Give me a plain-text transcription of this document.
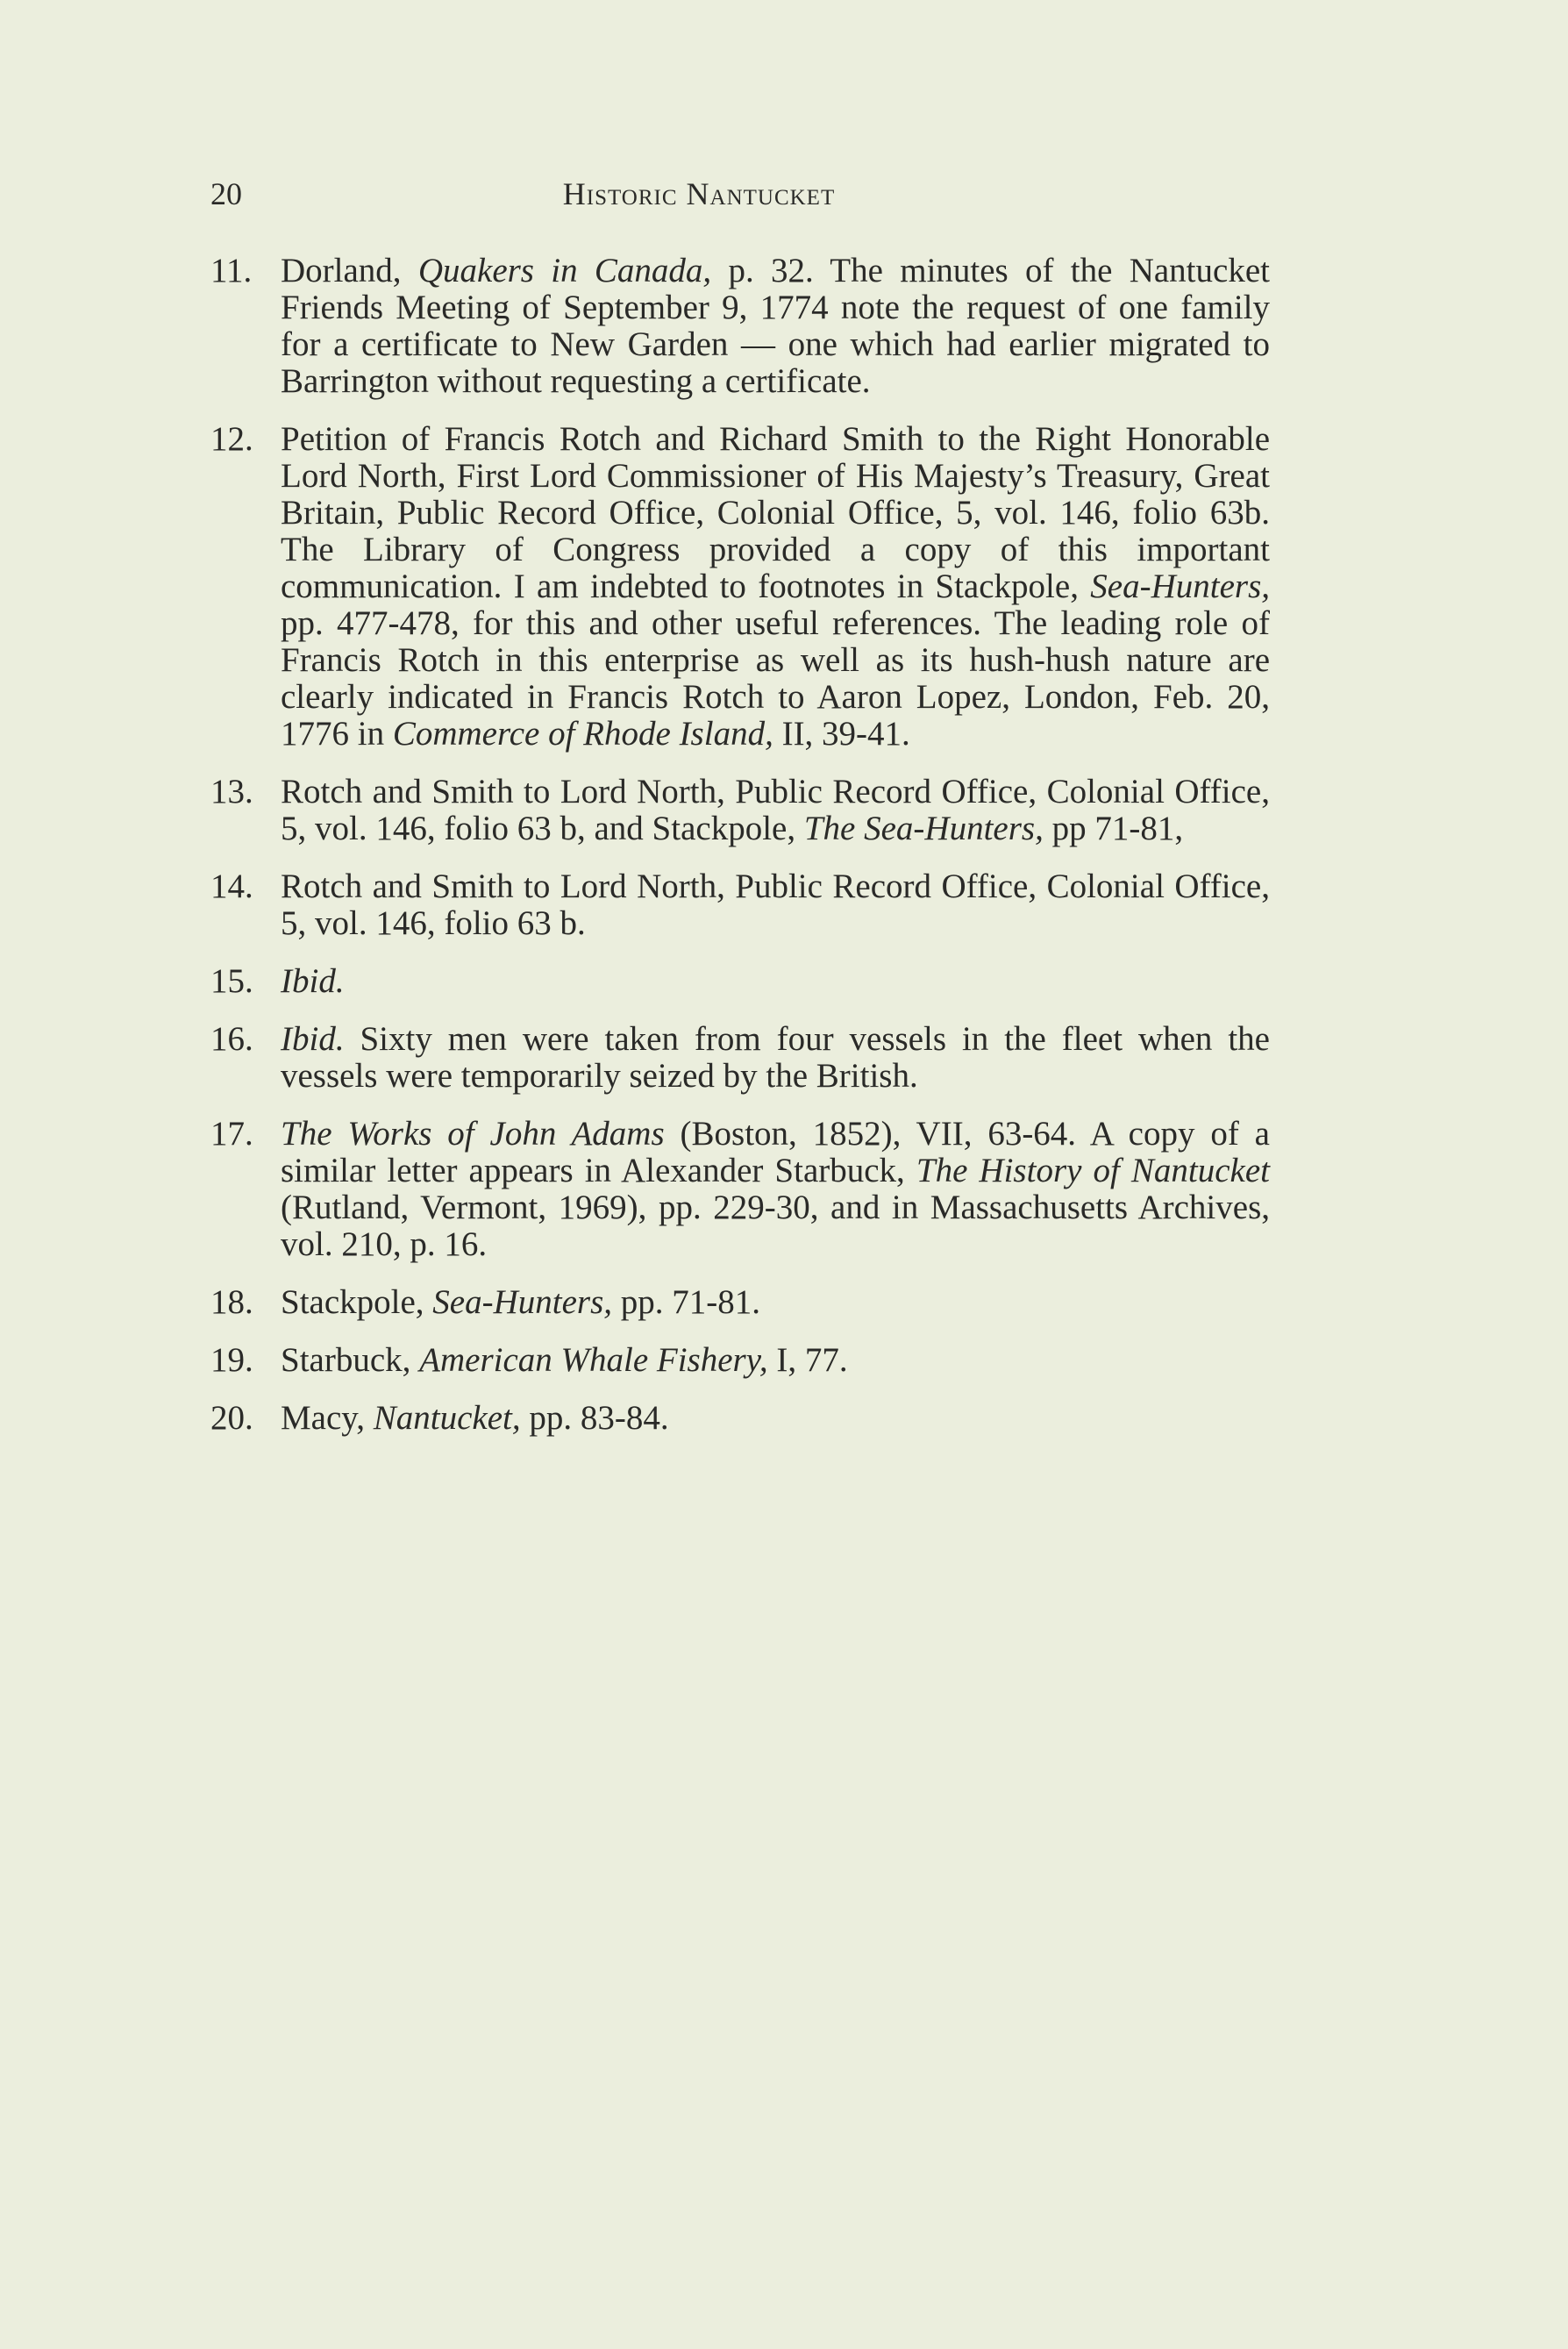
20	Historic Nantucket
11. Dorland, Quakers in Canada, p. 32. The minutes of the Nantucket Friends Meeting of September 9, 1774 note the request of one family for a certificate to New Garden — one which had earlier migrated to Barrington without requesting a certificate.
12. Petition of Francis Rotch and Richard Smith to the Right Honorable Lord North, First Lord Commissioner of His Majesty’s Treasury, Great Britain, Public Record Office, Colonial Office, 5, vol. 146, folio 63b. The Library of Congress provided a copy of this important communication. I am indebted to footnotes in Stackpole, Sea-Hunters, pp. 477-478, for this and other useful references. The leading role of Francis Rotch in this enterprise as well as its hush-hush nature are clearly indicated in Francis Rotch to Aaron Lopez, London, Feb. 20, 1776 in Commerce of Rhode Island, II, 39-41.
13. Rotch and Smith to Lord North, Public Record Office, Colonial Office, 5, vol. 146, folio 63 b, and Stackpole, The Sea-Hunters, pp 71-81,
14. Rotch and Smith to Lord North, Public Record Office, Colonial Office, 5, vol. 146, folio 63 b.
15. Ibid.
16. Ibid. Sixty men were taken from four vessels in the fleet when the vessels were temporarily seized by the British.
17. The Works of John Adams (Boston, 1852), VII, 63-64. A copy of a similar letter appears in Alexander Starbuck, The History of Nantucket (Rutland, Vermont, 1969), pp. 229-30, and in Massachusetts Archives, vol. 210, p. 16.
18. Stackpole, Sea-Hunters, pp. 71-81.
19. Starbuck, American Whale Fishery, I, 77.
20. Macy, Nantucket, pp. 83-84.
